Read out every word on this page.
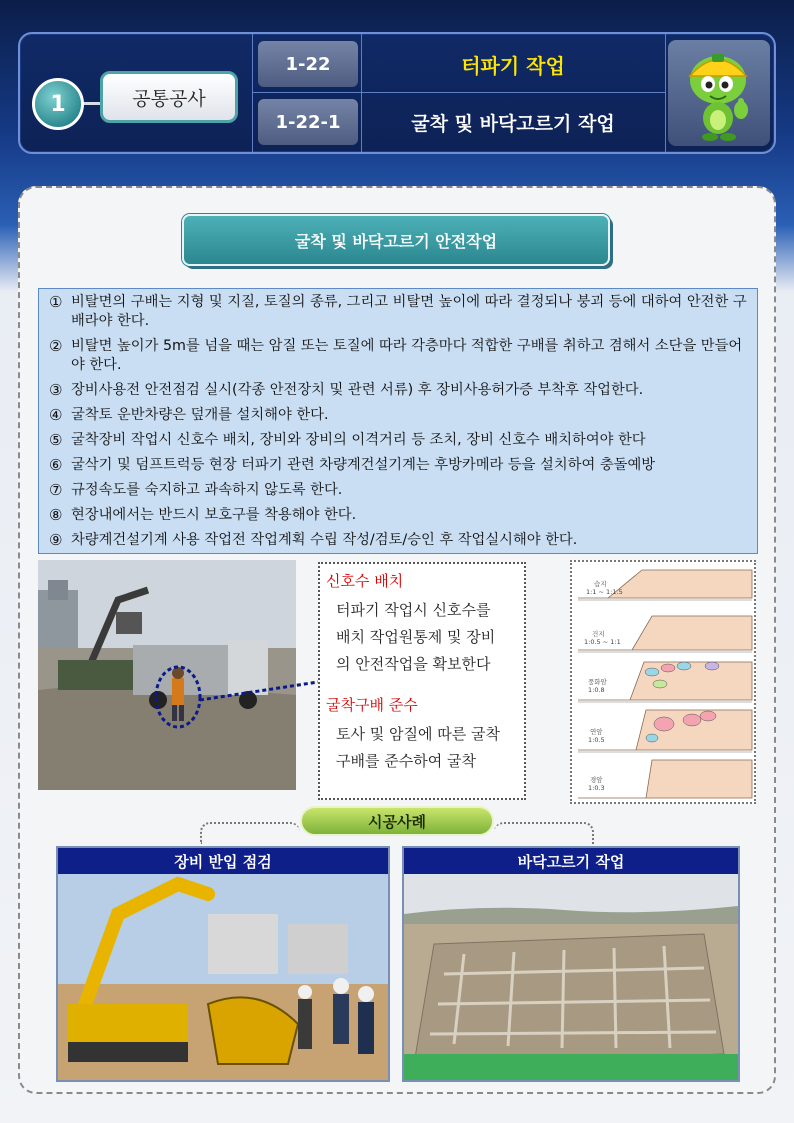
1	공통공사
1-22	터파기 작업
1-22-1	굴착 및 바닥고르기 작업
굴착 및 바닥고르기 안전작업
① 비탈면의 구배는 지형 및 지질, 토질의 종류, 그리고 비탈면 높이에 따라 결정되나 붕괴 등에 대하여 안전한 구배라야 한다.
② 비탈면 높이가 5m를 넘을 때는 암질 또는 토질에 따라 각층마다 적합한 구배를 취하고 겸해서 소단을 만들어야 한다.
③ 장비사용전 안전점검 실시(각종 안전장치 및 관련 서류) 후 장비사용허가증 부착후 작업한다.
④ 굴착토 운반차량은 덮개를 설치해야 한다.
⑤ 굴착장비 작업시 신호수 배치, 장비와 장비의 이격거리 등 조치, 장비 신호수 배치하여야 한다
⑥ 굴삭기 및 덤프트럭등 현장 터파기 관련 차량계건설기계는 후방카메라 등을 설치하여 충돌예방
⑦ 규정속도를 숙지하고 과속하지 않도록 한다.
⑧ 현장내에서는 반드시 보호구를 착용해야 한다.
⑨ 차량계건설기계 사용 작업전 작업계획 수립 작성/검토/승인 후 작업실시해야 한다.
신호수 배치
터파기 작업시 신호수를
배치 작업원통제 및 장비
의 안전작업을 확보한다
굴착구배 준수
토사 및 암질에 따른 굴착
구배를 준수하여 굴착
습지
1:1 ~ 1:1.5
건지
1:0.5 ~ 1:1
풍화암
1:0.8
연암
1:0.5
경암
1:0.3
시공사례
장비 반입 점검	바닥고르기 작업
